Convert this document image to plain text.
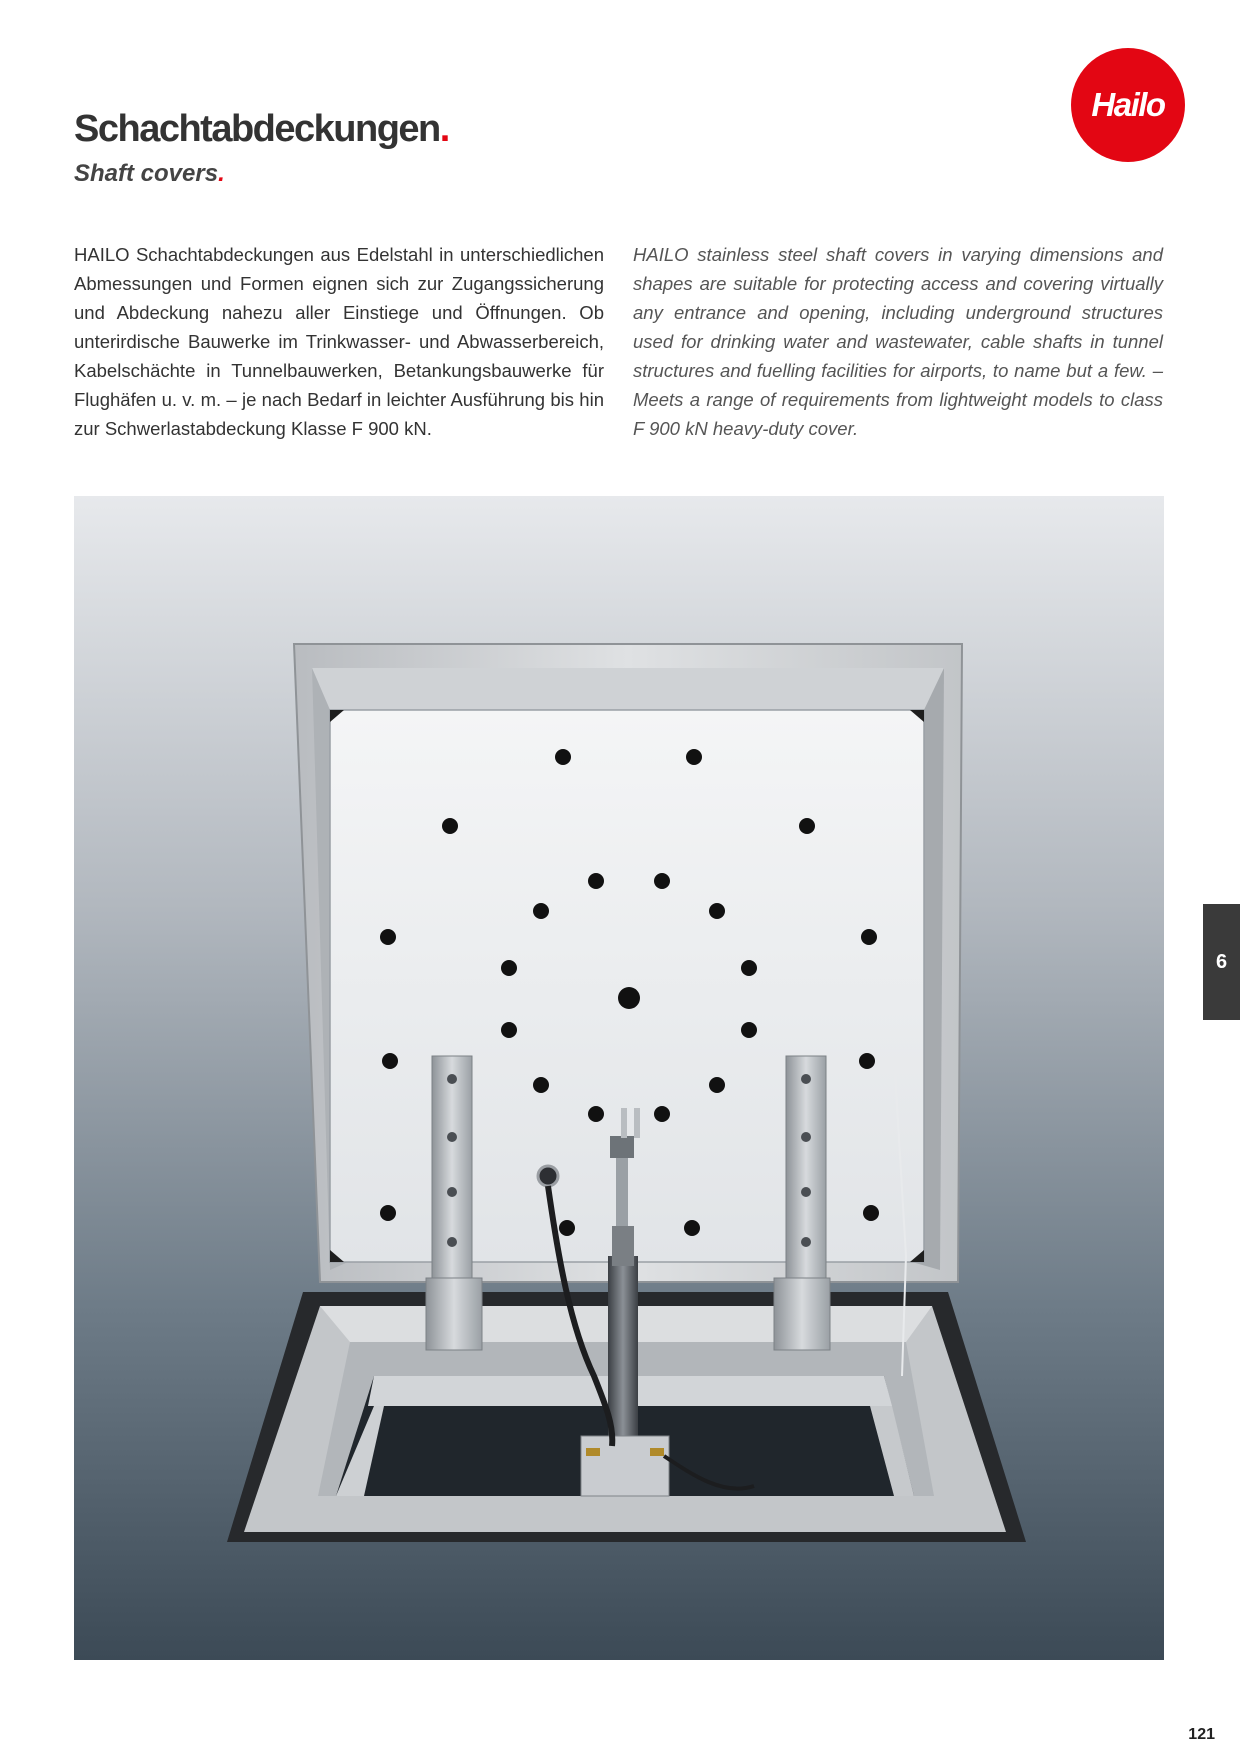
Schachtabdeckungen.
Shaft covers.
Hailo

HAILO Schachtabdeckungen aus Edelstahl in unterschiedlichen Abmessungen und Formen eignen sich zur Zugangssicherung und Abdeckung nahezu aller Einstiege und Öffnungen. Ob unterirdische Bauwerke im Trinkwasser- und Abwasserbereich, Kabelschächte in Tunnelbauwerken, Betankungsbauwerke für Flughäfen u. v. m. – je nach Bedarf in leichter Ausführung bis hin zur Schwerlastabdeckung Klasse F 900 kN.

HAILO stainless steel shaft covers in varying dimensions and shapes are suitable for protecting access and covering virtually any entrance and opening, including underground structures used for drinking water and wastewater, cable shafts in tunnel structures and fuelling facilities for airports, to name but a few. – Meets a range of requirements from lightweight models to class F 900 kN heavy-duty cover.

6
121
